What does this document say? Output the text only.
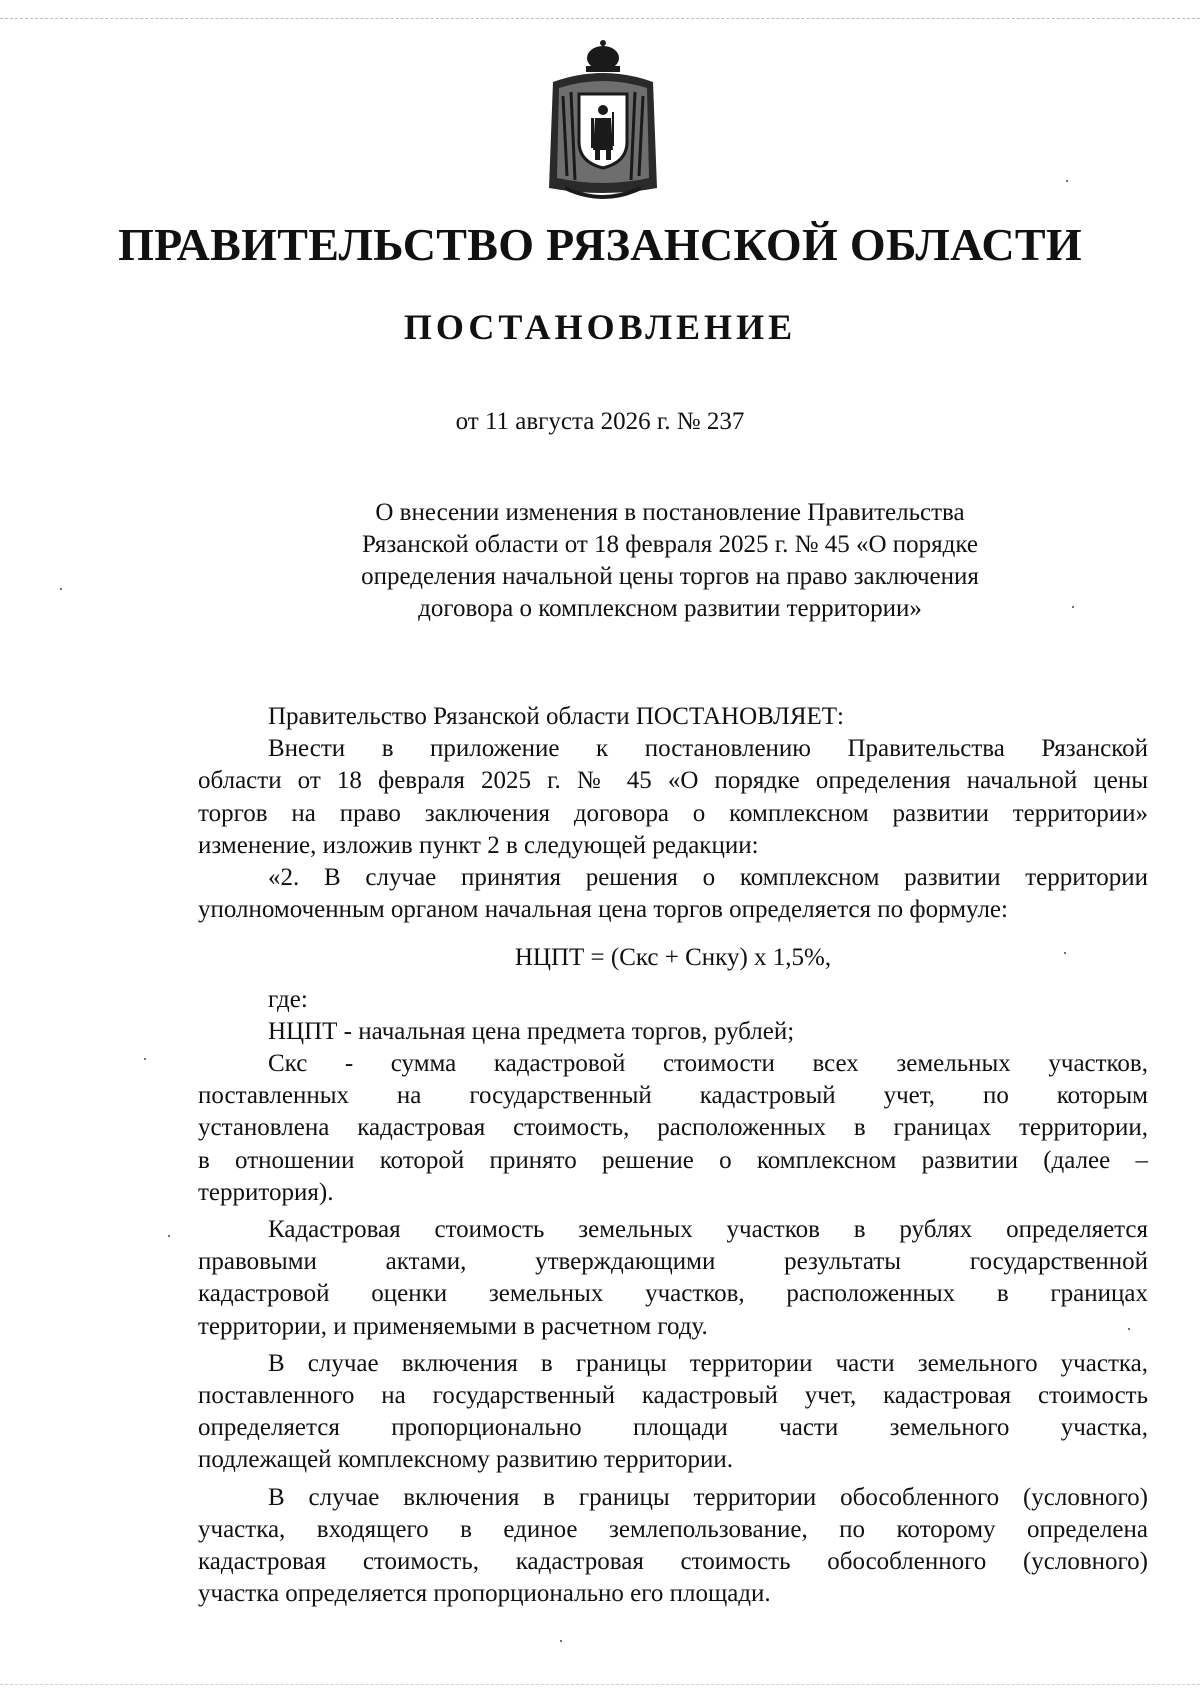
ПРАВИТЕЛЬСТВО РЯЗАНСКОЙ ОБЛАСТИ
ПОСТАНОВЛЕНИЕ
от 11 августа 2026 г. № 237
О внесении изменения в постановление Правительства
Рязанской области от 18 февраля 2025 г. № 45 «О порядке
определения начальной цены торгов на право заключения
договора о комплексном развитии территории»
Правительство Рязанской области ПОСТАНОВЛЯЕТ:
Внести в приложение к постановлению Правительства Рязанской
области от 18 февраля 2025 г. № 45 «О порядке определения начальной цены
торгов на право заключения договора о комплексном развитии территории»
изменение, изложив пункт 2 в следующей редакции:
«2. В случае принятия решения о комплексном развитии территории
уполномоченным органом начальная цена торгов определяется по формуле:
НЦПТ = (Скс + Снку) x 1,5%,
где:
НЦПТ - начальная цена предмета торгов, рублей;
Скс - сумма кадастровой стоимости всех земельных участков,
поставленных на государственный кадастровый учет, по которым
установлена кадастровая стоимость, расположенных в границах территории,
в отношении которой принято решение о комплексном развитии (далее –
территория).
Кадастровая стоимость земельных участков в рублях определяется
правовыми актами, утверждающими результаты государственной
кадастровой оценки земельных участков, расположенных в границах
территории, и применяемыми в расчетном году.
В случае включения в границы территории части земельного участка,
поставленного на государственный кадастровый учет, кадастровая стоимость
определяется пропорционально площади части земельного участка,
подлежащей комплексному развитию территории.
В случае включения в границы территории обособленного (условного)
участка, входящего в единое землепользование, по которому определена
кадастровая стоимость, кадастровая стоимость обособленного (условного)
участка определяется пропорционально его площади.
